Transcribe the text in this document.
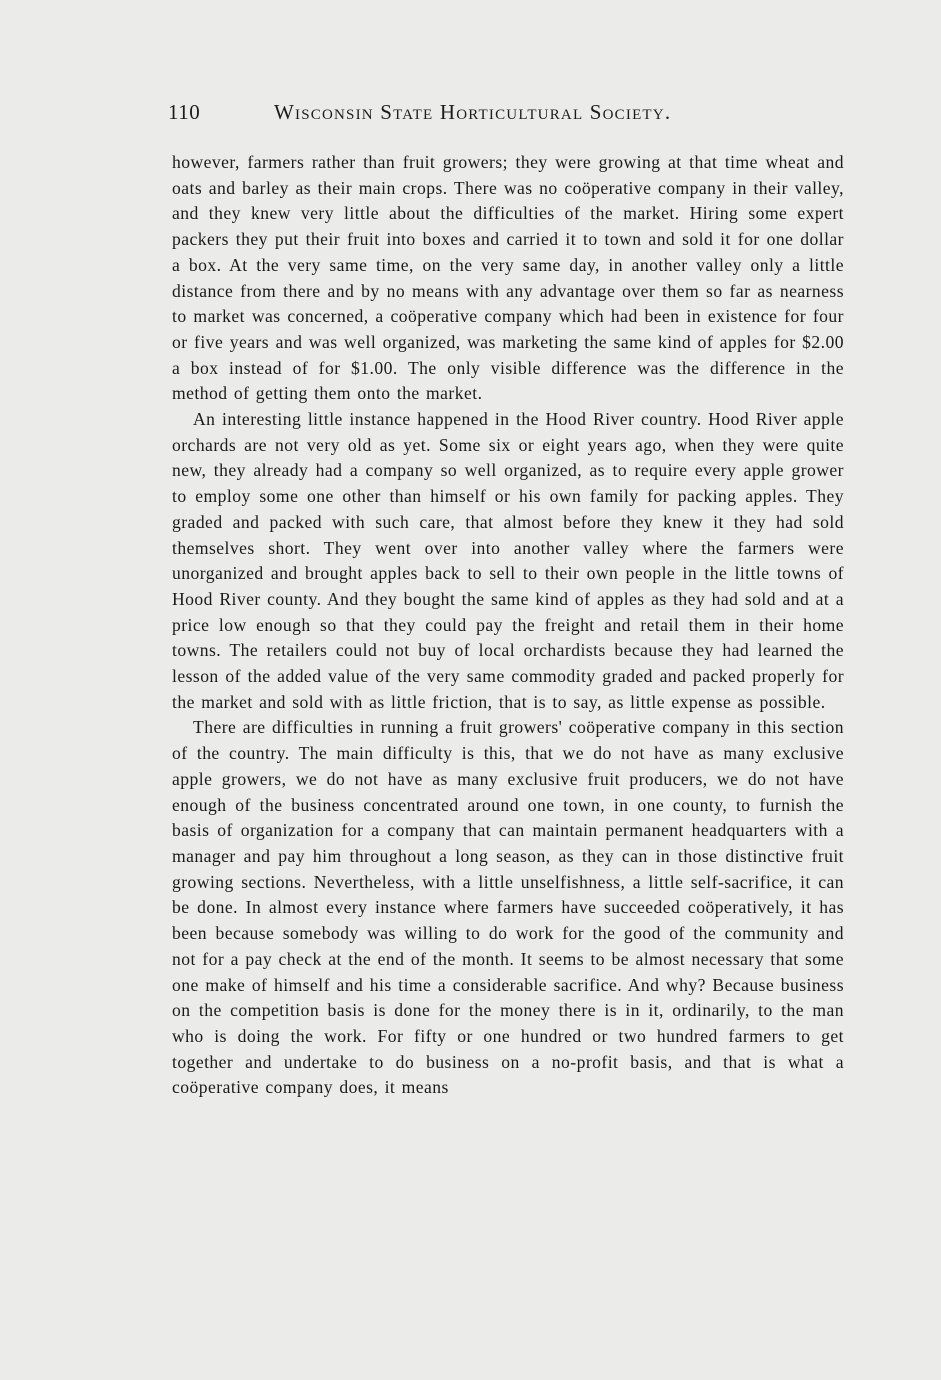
110	Wisconsin State Horticultural Society.

however, farmers rather than fruit growers; they were growing at that time wheat and oats and barley as their main crops. There was no coöperative company in their valley, and they knew very little about the difficulties of the market. Hiring some expert packers they put their fruit into boxes and carried it to town and sold it for one dollar a box. At the very same time, on the very same day, in another valley only a little distance from there and by no means with any advantage over them so far as nearness to market was concerned, a coöperative company which had been in existence for four or five years and was well organized, was marketing the same kind of apples for $2.00 a box instead of for $1.00. The only visible difference was the difference in the method of getting them onto the market.

An interesting little instance happened in the Hood River country. Hood River apple orchards are not very old as yet. Some six or eight years ago, when they were quite new, they already had a company so well organized, as to require every apple grower to employ some one other than himself or his own family for packing apples. They graded and packed with such care, that almost before they knew it they had sold themselves short. They went over into another valley where the farmers were unorganized and brought apples back to sell to their own people in the little towns of Hood River county. And they bought the same kind of apples as they had sold and at a price low enough so that they could pay the freight and retail them in their home towns. The retailers could not buy of local orchardists because they had learned the lesson of the added value of the very same commodity graded and packed properly for the market and sold with as little friction, that is to say, as little expense as possible.

There are difficulties in running a fruit growers' coöperative company in this section of the country. The main difficulty is this, that we do not have as many exclusive apple growers, we do not have as many exclusive fruit producers, we do not have enough of the business concentrated around one town, in one county, to furnish the basis of organization for a company that can maintain permanent headquarters with a manager and pay him throughout a long season, as they can in those distinctive fruit growing sections. Nevertheless, with a little unselfishness, a little self-sacrifice, it can be done. In almost every instance where farmers have succeeded coöperatively, it has been because somebody was willing to do work for the good of the community and not for a pay check at the end of the month. It seems to be almost necessary that some one make of himself and his time a considerable sacrifice. And why? Because business on the competition basis is done for the money there is in it, ordinarily, to the man who is doing the work. For fifty or one hundred or two hundred farmers to get together and undertake to do business on a no-profit basis, and that is what a coöperative company does, it means
